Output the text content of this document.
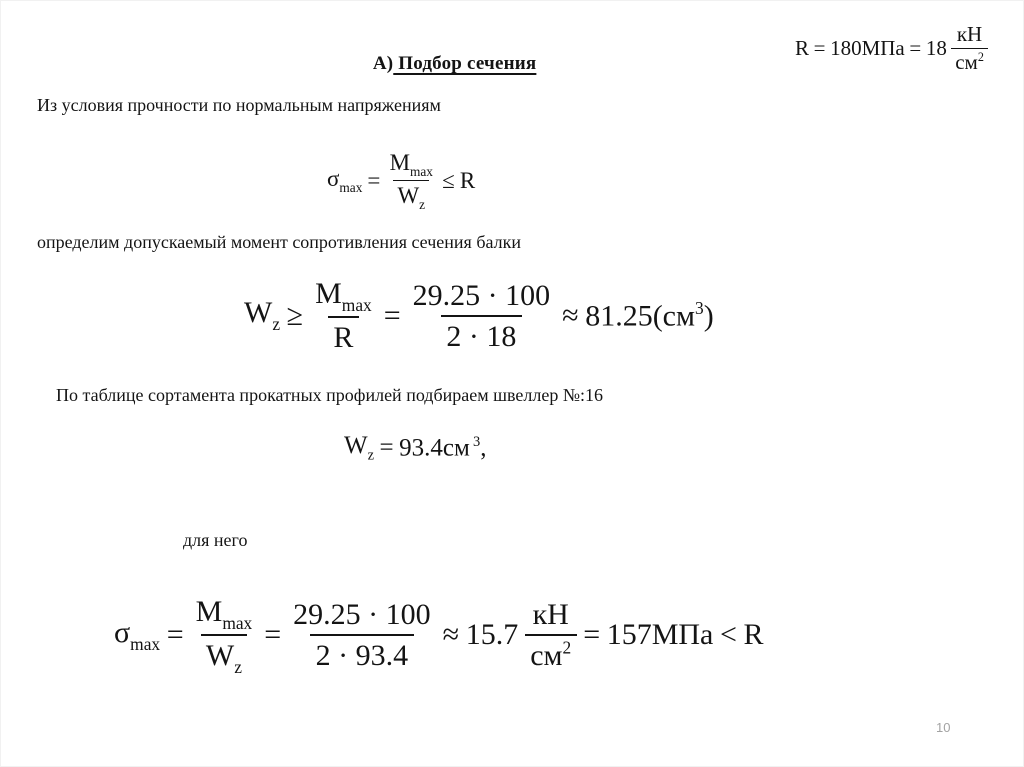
А) Подбор сечения

$R = 180МПа = 18 \frac{кН}{см^2}$
Из условия прочности по нормальным напряжениям
$\sigma_{max} = \frac{M_{max}}{W_z} \le R$
определим допускаемый момент сопротивления сечения балки
$W_z \ge \frac{M_{max}}{R} = \frac{29.25 \cdot 100}{2 \cdot 18} \approx 81.25(см^3)$
По таблице сортамента прокатных профилей подбираем швеллер №:16
$W_z = 93.4см$ $^3$,
для него
$\sigma_{max} = \frac{M_{max}}{W_z} = \frac{29.25 \cdot 100}{2 \cdot 93.4} \approx 15.7 \frac{кН}{см^2} = 157МПа < R$
10
